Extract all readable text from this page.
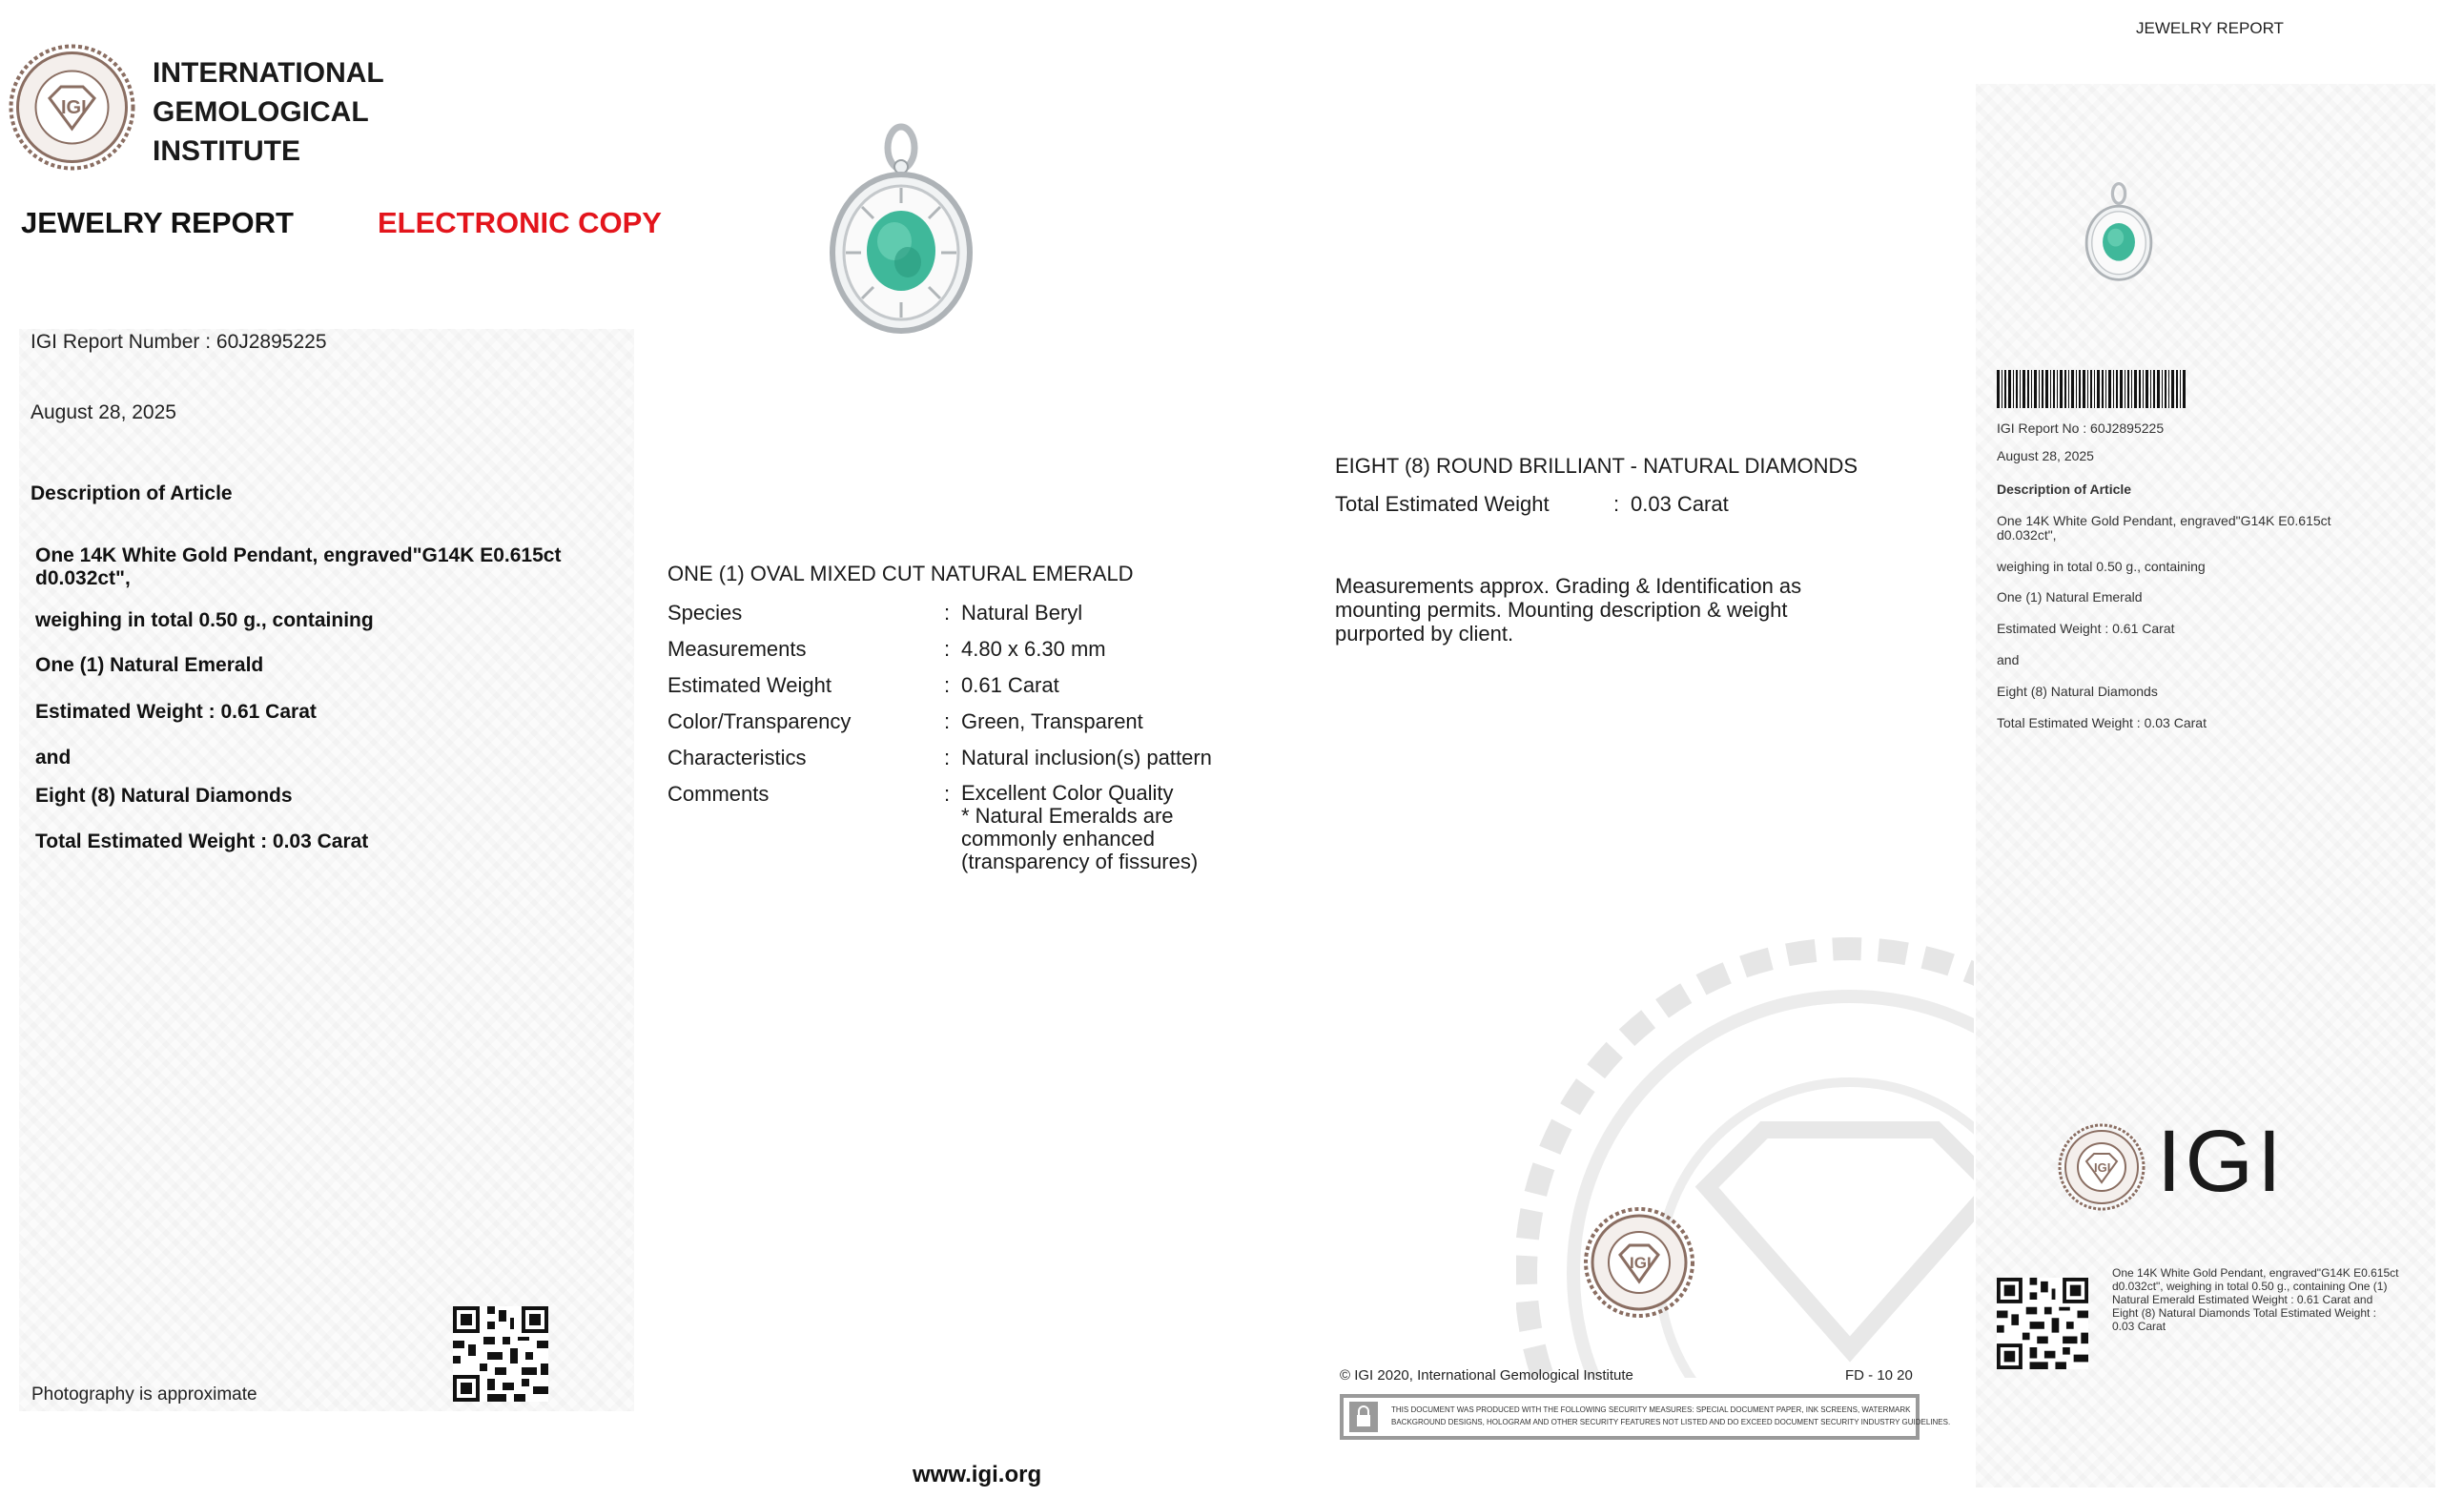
IGI
INTERNATIONAL
GEMOLOGICAL
INSTITUTE
JEWELRY REPORT	ELECTRONIC COPY
IGI Report Number : 60J2895225
August 28, 2025
Description of Article
One 14K White Gold Pendant, engraved"G14K E0.615ct
d0.032ct",
weighing in total 0.50 g., containing
One (1) Natural Emerald
Estimated Weight : 0.61 Carat
and
Eight (8) Natural Diamonds
Total Estimated Weight : 0.03 Carat
Photography is approximate
ONE (1) OVAL MIXED CUT NATURAL EMERALD
Species	: Natural Beryl
Measurements	: 4.80 x 6.30 mm
Estimated Weight	: 0.61 Carat
Color/Transparency	: Green, Transparent
Characteristics	: Natural inclusion(s) pattern
Comments	: Excellent Color Quality
* Natural Emeralds are
commonly enhanced
(transparency of fissures)
EIGHT (8) ROUND BRILLIANT - NATURAL DIAMONDS
Total Estimated Weight	: 0.03 Carat
Measurements approx. Grading & Identification as
mounting permits. Mounting description & weight
purported by client.
IGI
www.igi.org
© IGI 2020, International Gemological Institute	FD - 10 20
THIS DOCUMENT WAS PRODUCED WITH THE FOLLOWING SECURITY MEASURES: SPECIAL DOCUMENT PAPER, INK SCREENS, WATERMARK
BACKGROUND DESIGNS, HOLOGRAM AND OTHER SECURITY FEATURES NOT LISTED AND DO EXCEED DOCUMENT SECURITY INDUSTRY GUIDELINES.
JEWELRY REPORT
IGI Report No : 60J2895225
August 28, 2025
Description of Article
One 14K White Gold Pendant, engraved"G14K E0.615ct
d0.032ct",
weighing in total 0.50 g., containing
One (1) Natural Emerald
Estimated Weight : 0.61 Carat
and
Eight (8) Natural Diamonds
Total Estimated Weight : 0.03 Carat
IGI IGI
One 14K White Gold Pendant, engraved"G14K E0.615ct
d0.032ct", weighing in total 0.50 g., containing One (1)
Natural Emerald Estimated Weight : 0.61 Carat and
Eight (8) Natural Diamonds Total Estimated Weight :
0.03 Carat
